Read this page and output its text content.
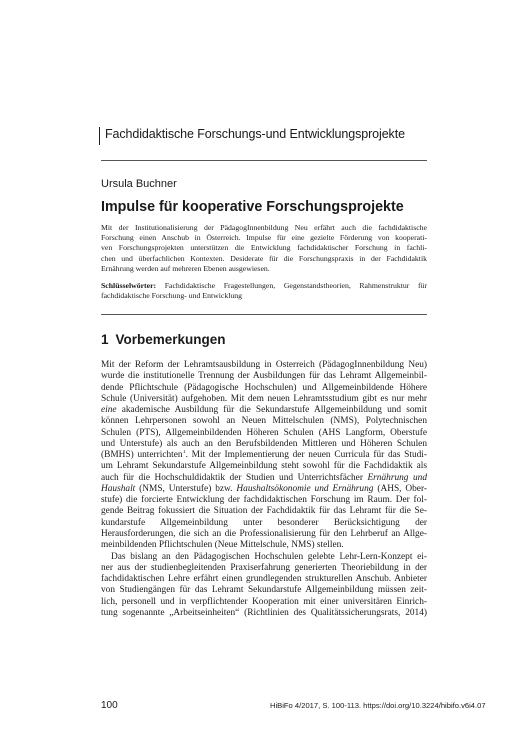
Fachdidaktische Forschungs-und Entwicklungsprojekte
Ursula Buchner
Impulse für kooperative Forschungsprojekte
Mit der Institutionalisierung der PädagogInnenbildung Neu erfährt auch die fachdidaktische
Forschung einen Anschub in Österreich. Impulse für eine gezielte Förderung von kooperati-
ven Forschungsprojekten unterstützen die Entwicklung fachdidaktischer Forschung in fachli-
chen und überfachlichen Kontexten. Desiderate für die Forschungspraxis in der Fachdidaktik
Ernährung werden auf mehreren Ebenen ausgewiesen.
Schlüsselwörter: Fachdidaktische Fragestellungen, Gegenstandstheorien, Rahmenstruktur für
fachdidaktische Forschung- und Entwicklung
1 Vorbemerkungen
Mit der Reform der Lehramtsausbildung in Österreich (PädagogInnenbildung Neu)
wurde die institutionelle Trennung der Ausbildungen für das Lehramt Allgemeinbil-
dende Pflichtschule (Pädagogische Hochschulen) und Allgemeinbildende Höhere
Schule (Universität) aufgehoben. Mit dem neuen Lehramtsstudium gibt es nur mehr
eine akademische Ausbildung für die Sekundarstufe Allgemeinbildung und somit
können Lehrpersonen sowohl an Neuen Mittelschulen (NMS), Polytechnischen
Schulen (PTS), Allgemeinbildenden Höheren Schulen (AHS Langform, Oberstufe
und Unterstufe) als auch an den Berufsbildenden Mittleren und Höheren Schulen
(BMHS) unterrichten$^1$. Mit der Implementierung der neuen Curricula für das Studi-
um Lehramt Sekundarstufe Allgemeinbildung steht sowohl für die Fachdidaktik als
auch für die Hochschuldidaktik der Studien und Unterrichtsfächer Ernährung und
Haushalt (NMS, Unterstufe) bzw. Haushaltsökonomie und Ernährung (AHS, Ober-
stufe) die forcierte Entwicklung der fachdidaktischen Forschung im Raum. Der fol-
gende Beitrag fokussiert die Situation der Fachdidaktik für das Lehramt für die Se-
kundarstufe Allgemeinbildung unter besonderer Berücksichtigung der
Herausforderungen, die sich an die Professionalisierung für den Lehrberuf an Allge-
meinbildenden Pflichtschulen (Neue Mittelschule, NMS) stellen.
Das bislang an den Pädagogischen Hochschulen gelebte Lehr-Lern-Konzept ei-
ner aus der studienbegleitenden Praxiserfahrung generierten Theoriebildung in der
fachdidaktischen Lehre erfährt einen grundlegenden strukturellen Anschub. Anbieter
von Studiengängen für das Lehramt Sekundarstufe Allgemeinbildung müssen zeit-
lich, personell und in verpflichtender Kooperation mit einer universitären Einrich-
tung sogenannte „Arbeitseinheiten“ (Richtlinien des Qualitätssicherungsrats, 2014)
100	HiBiFo 4/2017, S. 100-113. https://doi.org/10.3224/hibifo.v6i4.07
